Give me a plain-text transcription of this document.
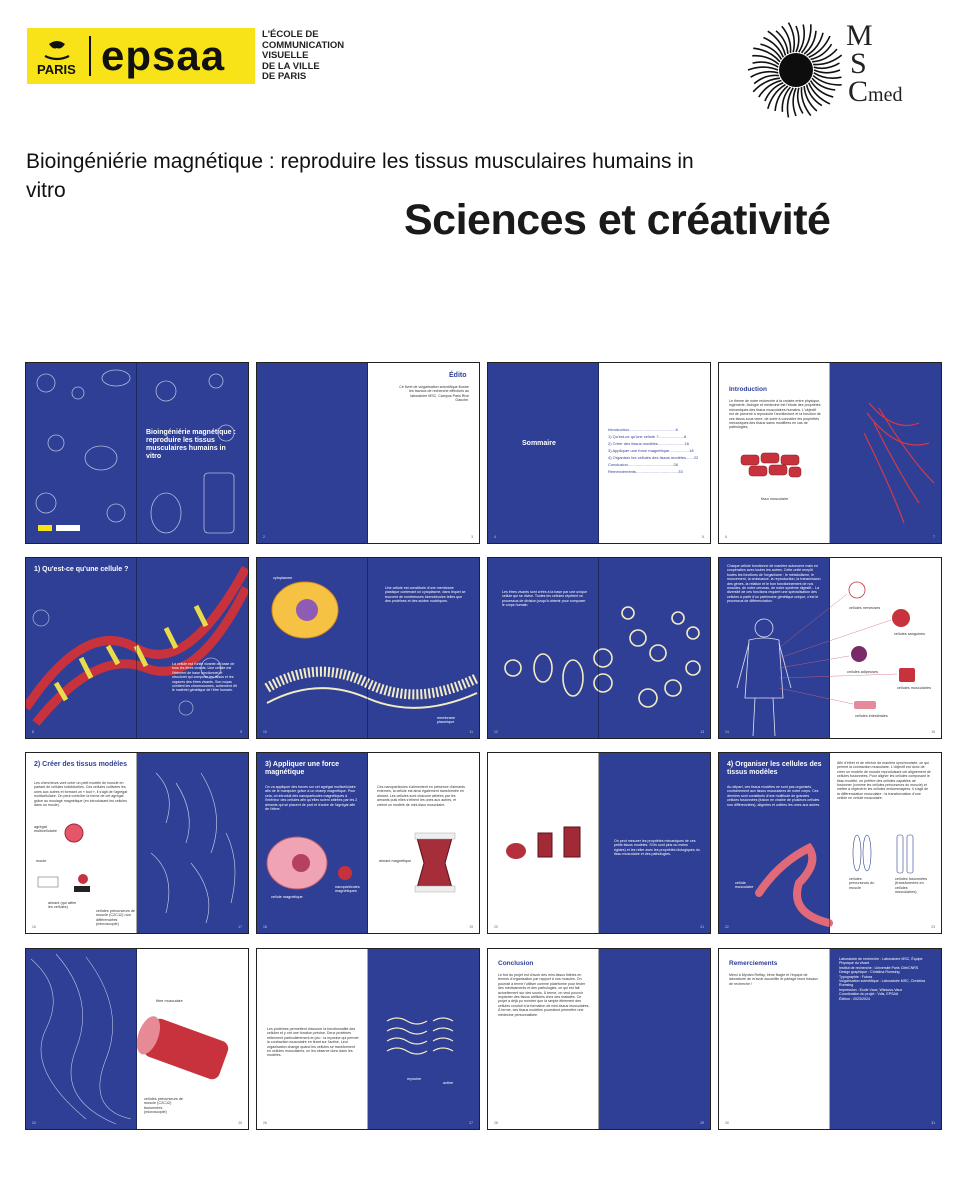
PARIS epsaa	L'ÉCOLE DE
COMMUNICATION
VISUELLE
DE LA VILLE
DE PARIS
M
S
Cmed
Bioingéniérie magnétique : reproduire les tissus musculaires humains in vitro
Sciences et créativité
Bioingéniérie magnétique : reproduire les tissus musculaires humains in vitro
Édito
Ce livret de vulgarisation scientifique illustre les travaux de recherche effectués au laboratoire MSC, Campus Paris Rive Gauche.
2	3
Sommaire
Introduction..........................................6
1) Qu'est-ce qu'une cellule ?.......................8
2) Créer des tissus modèles........................16
3) Appliquer une force magnétique..................18
4) Organiser les cellules des tissus modèles.......22
Conclusion.........................................28
Remerciements......................................33
4	5
Introduction
Le thème de notre recherche à la croisée entre physique, ingénierie, biologie et médecine est l'étude des propriétés mécaniques des tissus musculaires humains. L'objectif est de parvenir à reproduire l'architecture et la fonction de ces tissus sous verre, de sorte à connaître les propriétés mécaniques des tissus sains modifiées en cas de pathologies.
tissu musculaire
6	7
1) Qu'est-ce qu'une cellule ?
La cellule est l'unité vivante de base de tous les êtres vivants. Une cellule est l'élément de base fonctionnel et structurel qui compose les tissus et les organes des êtres vivants. Son noyau contient les chromosomes, autrement dit le matériel génétique de l'être humain.
8	9
cytoplasme
Une cellule est constituée d'une membrane plastique contenant un cytoplasme, dans lequel se trouvent de nombreuses biomolécules telles que des protéines et des acides nucléiques.
membrane plasmique
10	11
Les êtres vivants sont créés à la base par une unique cellule qui se divise. Toutes les cellules répètent ce processus de division jusqu'à obtenir pour composer le corps humain.
12	13
Chaque cellule fonctionne de manière autonome mais en coopération avec toutes les autres. Cette unité remplit toutes les fonctions de l'organisme : le métabolisme, le mouvement, la croissance, la reproduction, la transmission des gènes, la relation et le bon fonctionnement de nos muscles, de notre cerveau, de notre système digestif... La diversité de ces fonctions requiert une spécialisation des cellules à partir d'un patrimoine génétique unique, c'est le processus de différenciation.
cellules nerveuses
cellules sanguines
cellules adipeuses
cellules musculaires
cellules intestinales
14	15
2) Créer des tissus modèles
Les chercheurs vont créer un petit modèle de muscle en partant de cellules individuelles. Ces cellules cultivées les unes aux autres et formant un « tout », il s'agit de l'agrégat multicellulaire. On peut contrôler la forme de cet agrégat grâce au moulage magnétique (en introduisant les cellules dans un moule).
agrégat multicellulaire
moule
aimant (qui attire les cellules)
cellules précurseurs de muscle (C2C12) non différenciées (microscopie)
16	17
3) Appliquer une force magnétique
On va appliquer des forces sur cet agrégat multicellulaire afin de le manipuler grâce à un champ magnétique. Pour cela, on introduit des nanoparticules magnétiques à l'intérieur des cellules afin qu'elles soient attirées par les 2 aimants qui se placent de part et d'autre de l'agrégat afin de l'étirer.
Ces nanoparticules s'alimentent en présence d'aimants externes, la cellule est ainsi également transformée en aimant. Les cellules sont chacune attirées par les aimants puis elles s'étirent les unes aux autres, et créent un modèle de mini-tissu musculaire.
cellule magnétique
nanoparticules magnétiques
aimant magnétique
18	19
On peut mesurer les propriétés mécaniques de ces petits tissus modèles. Si ils sont plus ou moins rigides) et les relier avec les propriétés biologiques du tissu musculaire et des pathologies.
20	21
4) Organiser les cellules des tissus modèles
Au départ, ces tissus modèles ne sont pas organisés, contrairement aux tissus musculaires de notre corps. Ces derniers sont constitués d'une multitude de grandes cellules fusionnées (fusion en chaîne de plusieurs cellules non différenciées), alignées et collées les unes aux autres.
Afin d'étirer et de rétrécir de manière synchronisée, ce qui permet la contraction musculaire. L'objectif est donc de créer un modèle de muscle reproduisant cet alignement de cellules fusionnées. Pour aligner les cellules composant le tissu modèle, on préfère des cellules capables de fusionner (comme les cellules précurseurs du muscle) et mettre à régénérer les cellules endommagées. Il s'agit de la différenciation musculaire : la transformation d'une cellule en cellule musculaire.
cellule musculaire
cellules précurseurs du muscle
cellules fusionnées (transformées en cellules musculaires)
22	23
fibre musculaire
cellules précurseurs de muscle (C2C12) fusionnées (microscopie)
24	25
Les protéines permettent d'assurer la fonctionnalité des cellules et y ont une fonction précise. Deux protéines retiennent particulièrement en jeu : la myosine qui permet la contraction musculaire en tirant sur l'actine. Leur organisation change quand les cellules se transforment en cellules musculaires, on les observe donc dans les modèles.
myosine
actine
26	27
Conclusion
Le but du projet est d'avoir des mini-tissus fidèles en termes d'organisation par rapport à nos muscles. On pourrait à terme l'utiliser comme plateforme pour tester des médicaments et des pathologies, ce qui est fait actuellement sur des souris. À terme, on veut pouvoir implanter des tissus artificiels chez des malades. Ce projet a déjà pu montrer que la simple étirement des cellules conduit à la formation de mini-tissus musculaires. À terme, ces tissus modèles pourraient permettre une médecine personnalisée.
28	29
Remerciements
Merci à Myriam Reffay, Irène Nagle et l'équipe de laboratoire de m'avoir accueillie et partagé leurs travaux de recherche !
Laboratoire de recherche : Laboratoire MSC, Équipe Physique du vivant
Institut de recherche : Université Paris Cité/CNRS
Design graphique : Christina Rumsing
Typographie : Futura
Vulgarisation scientifique : Laboratoire MSC, Christina Rumsing
Impression : Ecole Vaux, Wissous-Vaux
Coordination du projet : Vdis, EPSAA
Édition : 2023/2024
30	31
